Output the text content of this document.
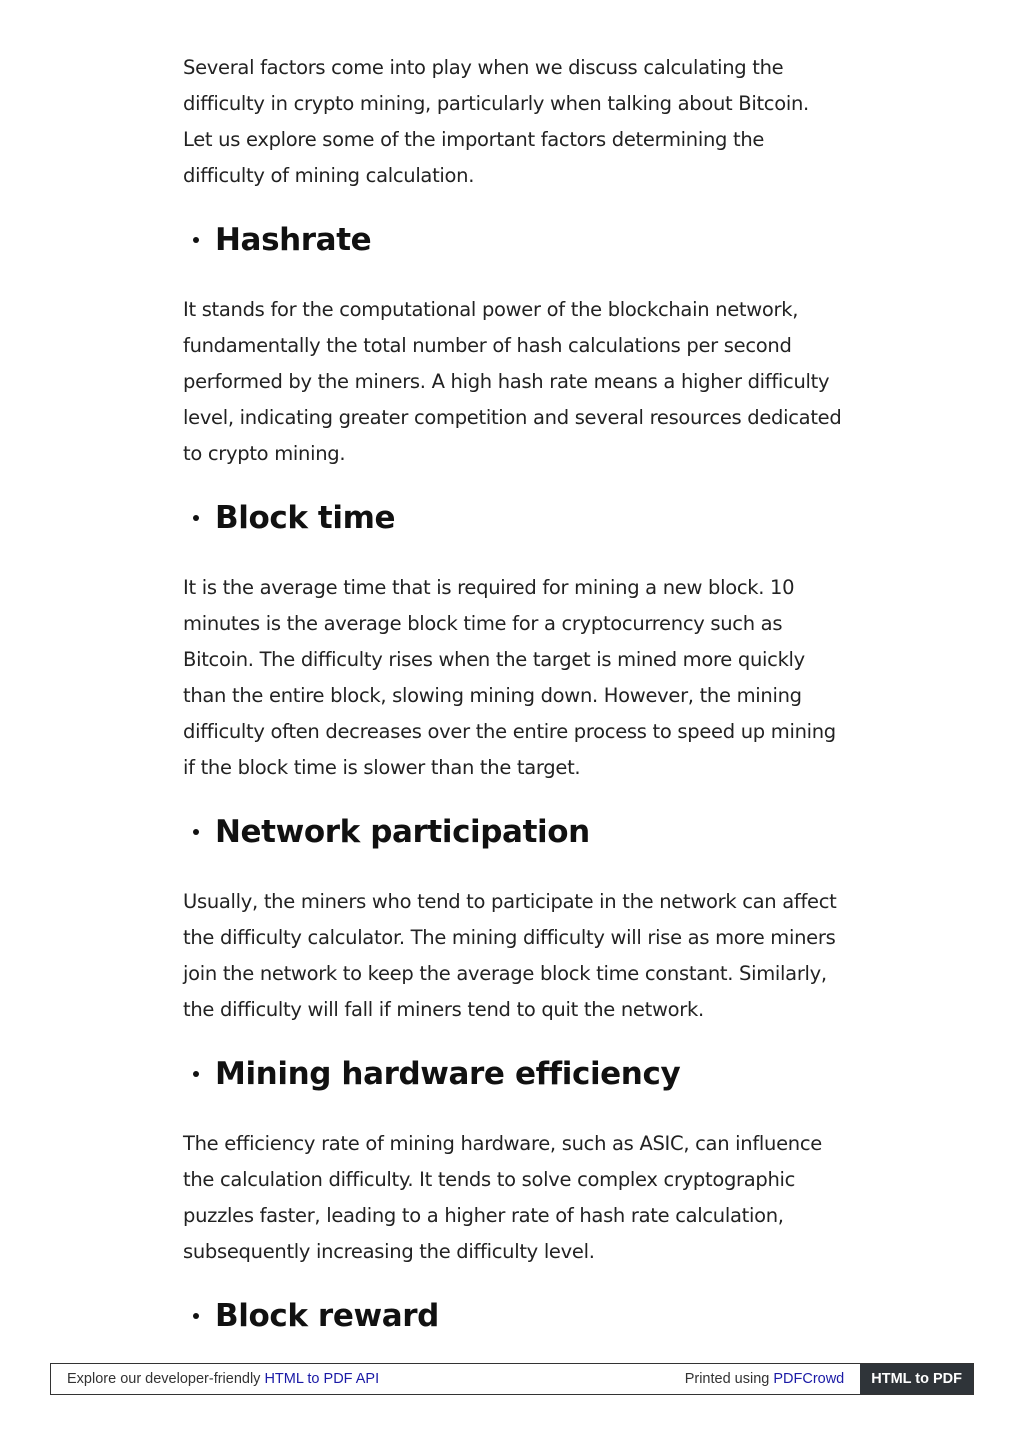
Several factors come into play when we discuss calculating the difficulty in crypto mining, particularly when talking about Bitcoin. Let us explore some of the important factors determining the difficulty of mining calculation.

Hashrate

It stands for the computational power of the blockchain network, fundamentally the total number of hash calculations per second performed by the miners. A high hash rate means a higher difficulty level, indicating greater competition and several resources dedicated to crypto mining.

Block time

It is the average time that is required for mining a new block. 10 minutes is the average block time for a cryptocurrency such as Bitcoin. The difficulty rises when the target is mined more quickly than the entire block, slowing mining down. However, the mining difficulty often decreases over the entire process to speed up mining if the block time is slower than the target.

Network participation

Usually, the miners who tend to participate in the network can affect the difficulty calculator. The mining difficulty will rise as more miners join the network to keep the average block time constant. Similarly, the difficulty will fall if miners tend to quit the network.

Mining hardware efficiency

The efficiency rate of mining hardware, such as ASIC, can influence the calculation difficulty. It tends to solve complex cryptographic puzzles faster, leading to a higher rate of hash rate calculation, subsequently increasing the difficulty level.

Block reward
Explore our developer-friendly HTML to PDF API	Printed using PDFCrowd	HTML to PDF
